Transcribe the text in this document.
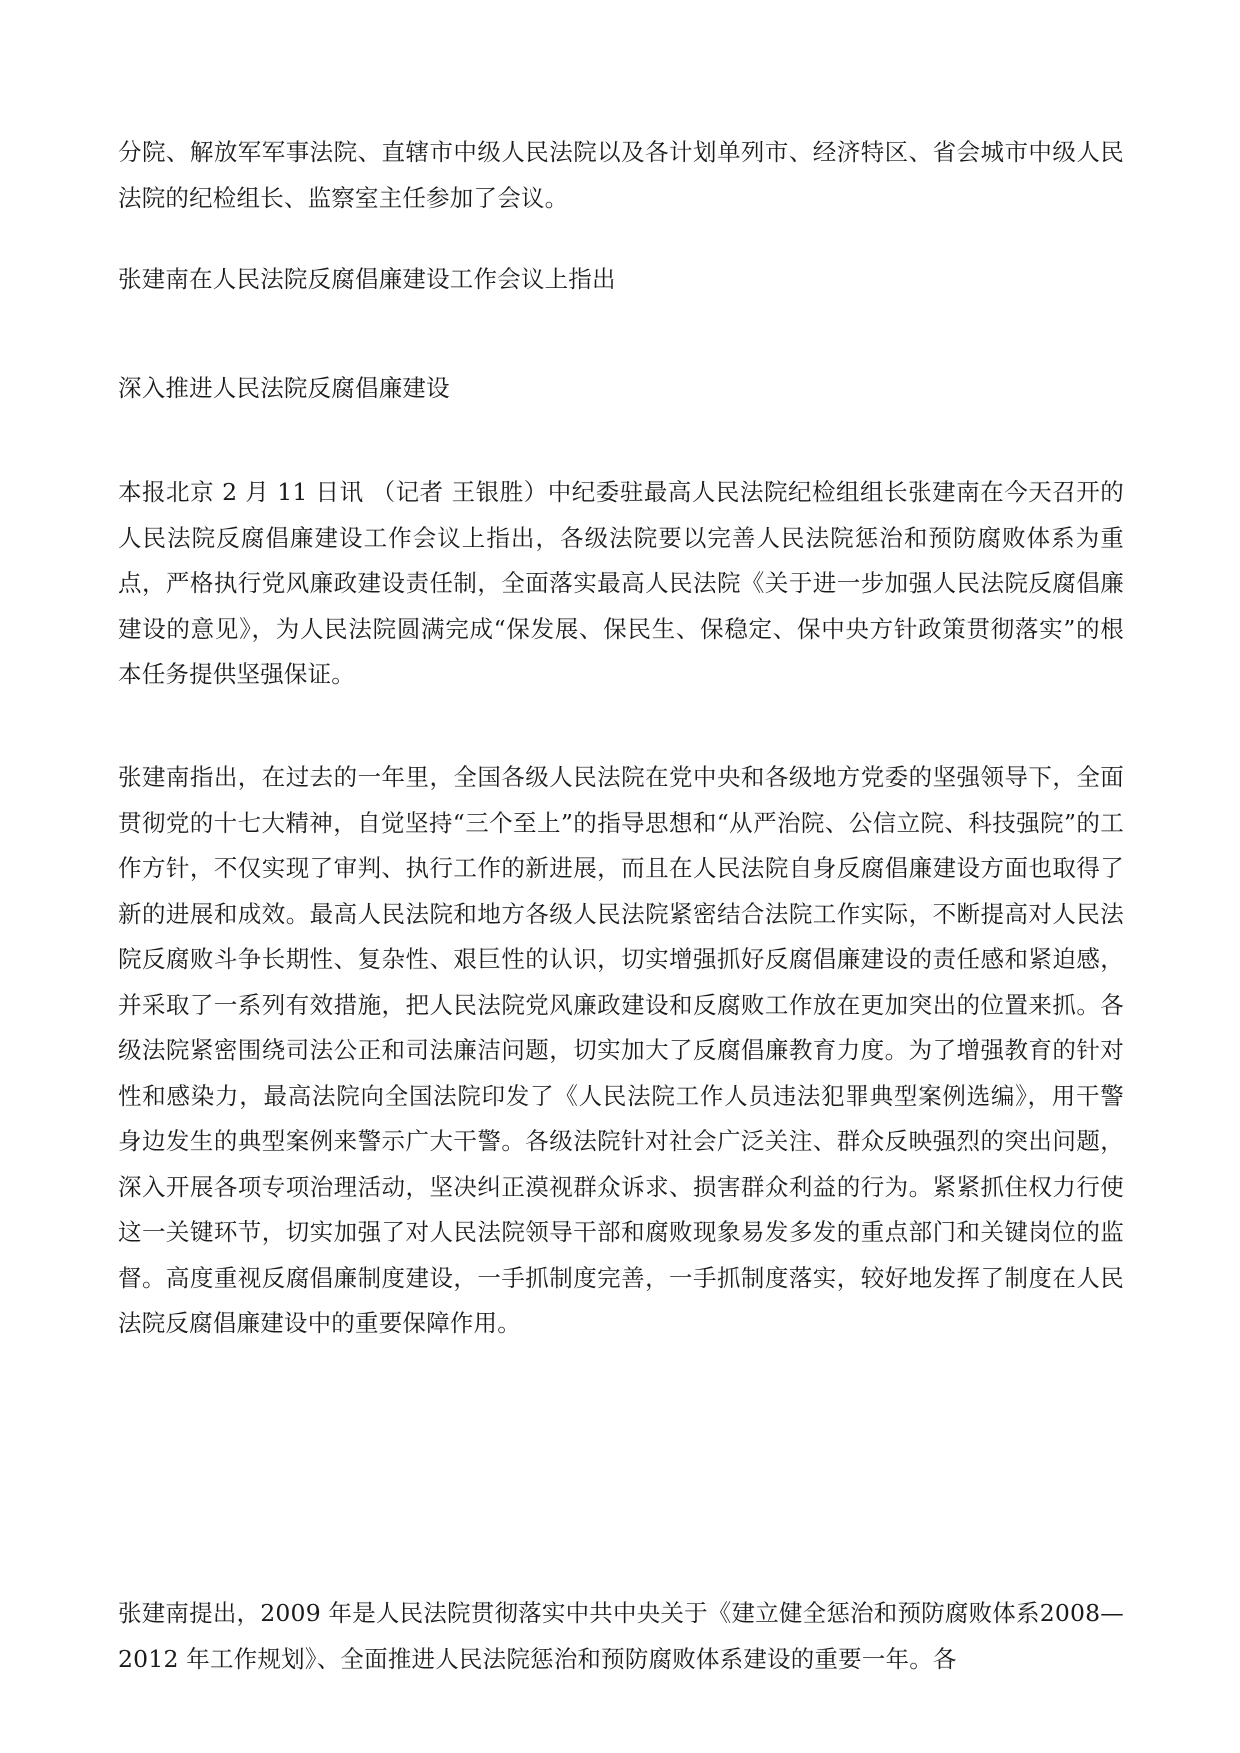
分院、解放军军事法院、直辖市中级人民法院以及各计划单列市、经济特区、省会城市中级人民法院的纪检组长、监察室主任参加了会议。

张建南在人民法院反腐倡廉建设工作会议上指出

深入推进人民法院反腐倡廉建设

本报北京 2 月 11 日讯 （记者 王银胜）中纪委驻最高人民法院纪检组组长张建南在今天召开的人民法院反腐倡廉建设工作会议上指出，各级法院要以完善人民法院惩治和预防腐败体系为重点，严格执行党风廉政建设责任制，全面落实最高人民法院《关于进一步加强人民法院反腐倡廉建设的意见》，为人民法院圆满完成“保发展、保民生、保稳定、保中央方针政策贯彻落实”的根本任务提供坚强保证。

张建南指出，在过去的一年里，全国各级人民法院在党中央和各级地方党委的坚强领导下，全面贯彻党的十七大精神，自觉坚持“三个至上”的指导思想和“从严治院、公信立院、科技强院”的工作方针，不仅实现了审判、执行工作的新进展，而且在人民法院自身反腐倡廉建设方面也取得了新的进展和成效。最高人民法院和地方各级人民法院紧密结合法院工作实际，不断提高对人民法院反腐败斗争长期性、复杂性、艰巨性的认识，切实增强抓好反腐倡廉建设的责任感和紧迫感，并采取了一系列有效措施，把人民法院党风廉政建设和反腐败工作放在更加突出的位置来抓。各级法院紧密围绕司法公正和司法廉洁问题，切实加大了反腐倡廉教育力度。为了增强教育的针对性和感染力，最高法院向全国法院印发了《人民法院工作人员违法犯罪典型案例选编》，用干警身边发生的典型案例来警示广大干警。各级法院针对社会广泛关注、群众反映强烈的突出问题，深入开展各项专项治理活动，坚决纠正漠视群众诉求、损害群众利益的行为。紧紧抓住权力行使这一关键环节，切实加强了对人民法院领导干部和腐败现象易发多发的重点部门和关键岗位的监督。高度重视反腐倡廉制度建设，一手抓制度完善，一手抓制度落实，较好地发挥了制度在人民法院反腐倡廉建设中的重要保障作用。

张建南提出，2009 年是人民法院贯彻落实中共中央关于《建立健全惩治和预防腐败体系2008—2012 年工作规划》、全面推进人民法院惩治和预防腐败体系建设的重要一年。各
